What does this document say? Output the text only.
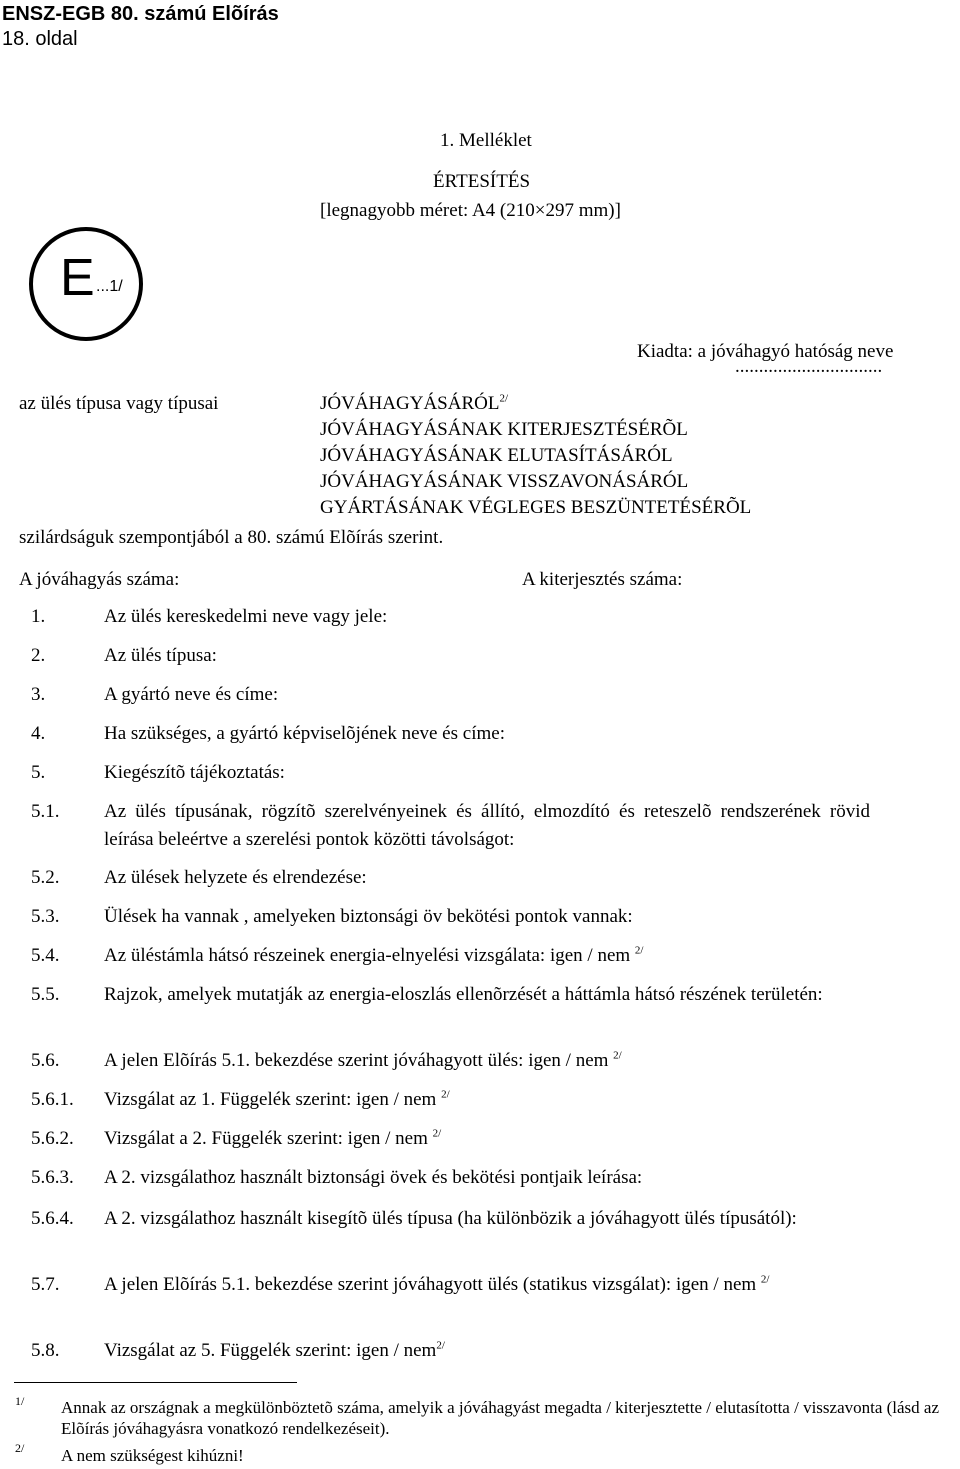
ENSZ-EGB 80. számú Elõírás
18. oldal
1. Melléklet
ÉRTESÍTÉS
[legnagyobb méret: A4 (210×297 mm)]
E ...1/
Kiadta: a jóváhagyó hatóság neve
...............................
az ülés típusa vagy típusai	$JÓVÁHAGYÁSÁRÓL^{2/}$
JÓVÁHAGYÁSÁNAK KITERJESZTÉSÉRÕL
JÓVÁHAGYÁSÁNAK ELUTASÍTÁSÁRÓL
JÓVÁHAGYÁSÁNAK VISSZAVONÁSÁRÓL
GYÁRTÁSÁNAK VÉGLEGES BESZÜNTETÉSÉRÕL
szilárdságuk szempontjából a 80. számú Elõírás szerint.
A jóváhagyás száma:	A kiterjesztés száma:
1.	Az ülés kereskedelmi neve vagy jele:
2.	Az ülés típusa:
3.	A gyártó neve és címe:
4.	Ha szükséges, a gyártó képviselõjének neve és címe:
5.	Kiegészítõ tájékoztatás:
5.1. Az ülés típusának, rögzítõ szerelvényeinek és állító, elmozdító és reteszelõ rendszerének rövid leírása beleértve a szerelési pontok közötti távolságot:
5.2. Az ülések helyzete és elrendezése:
5.3. Ülések ha vannak , amelyeken biztonsági öv bekötési pontok vannak:
5.4. Az üléstámla hátsó részeinek energia-elnyelési vizsgálata: igen / nem $^{2/}$
5.5. Rajzok, amelyek mutatják az energia-eloszlás ellenõrzését a háttámla hátsó részének területén:
5.6. A jelen Elõírás 5.1. bekezdése szerint jóváhagyott ülés: igen / nem $^{2/}$
5.6.1. Vizsgálat az 1. Függelék szerint: igen / nem $^{2/}$
5.6.2. Vizsgálat a 2. Függelék szerint: igen / nem $^{2/}$
5.6.3. A 2. vizsgálathoz használt biztonsági övek és bekötési pontjaik leírása:
5.6.4. A 2. vizsgálathoz használt kisegítõ ülés típusa (ha különbözik a jóváhagyott ülés típusától):
5.7. A jelen Elõírás 5.1. bekezdése szerint jóváhagyott ülés (statikus vizsgálat): igen / nem $^{2/}$
5.8. Vizsgálat az 5. Függelék szerint: igen / nem$^{2/}$
1/ Annak az országnak a megkülönböztetõ száma, amelyik a jóváhagyást megadta / kiterjesztette / elutasította / visszavonta (lásd az Elõírás jóváhagyásra vonatkozó rendelkezéseit).
2/ A nem szükségest kihúzni!
